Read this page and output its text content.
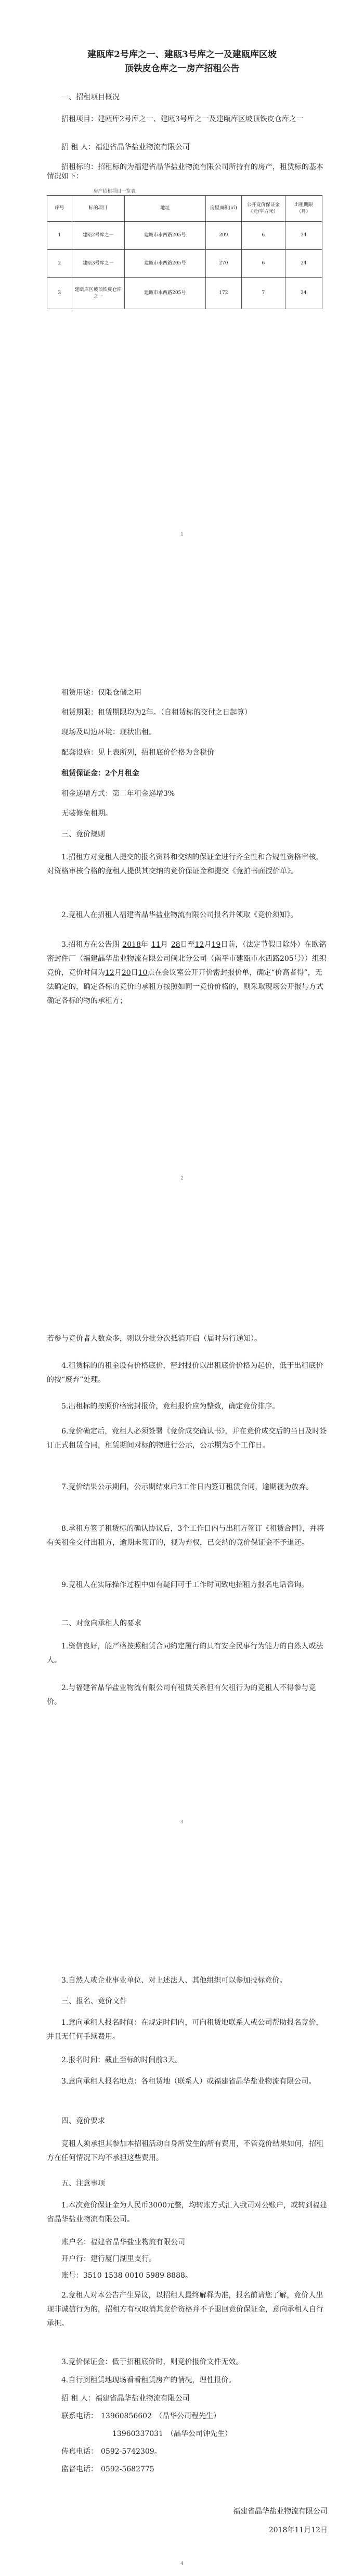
建瓯库2号库之一、建瓯3号库之一及建瓯库区坡

顶铁皮仓库之一房产招租公告

一、招租项目概况

招租项目：建瓯库2号库之一、建瓯3号库之一及建瓯库区坡顶铁皮仓库之一

招 租 人：福建省晶华盐业物流有限公司

招租标的：招租标的为福建省晶华盐业物流有限公司所持有的房产，租赁标的基本情况如下：

房产招租项目一览表
序号	标的项目	地址	房屋面积(㎡)	公开竞价保证金（元/平方米）	出租期限
（月）
1	建瓯2号库之一	建瓯市水西路205号	209	6	24
2	建瓯3号库之一	建瓯市水西路205号	270	6	24
3	建瓯库区坡顶铁皮仓库之一	建瓯市水西路205号	172	7	24
1

租赁用途：仅限仓储之用

租赁期限：租赁期限均为2年。（自租赁标的交付之日起算）

现场及周边环境：现状出租。

配套设施：见上表所列，招租底价价格为含税价

租赁保证金：2个月租金

租金递增方式：第二年租金递增3%

无装修免租期。

三、竞价规则

1.招租方对竞租人提交的报名资料和交纳的保证金进行齐全性和合规性资格审核，对资格审核合格的竞租人提供其交纳的竞价保证金和提交《竞拍书面授价单》。

2.竞租人在招租人福建省晶华盐业物流有限公司报名并领取《竞价须知》。

3.招租方在公告期 2018年 11月 28日至12月19日前，（法定节假日除外）在欧铭密封件厂（福建晶华盐业物流有限公司闽北分公司（南平市建瓯市水西路205号））组织竞价，竞价时间为12月20日10点在会议室公开开价密封报价单，确定“价高者得”，无法确定的，确定各标的竞价的承租方按照如同一竞价价格的，则采取现场公开报号方式确定各标的物的承租方；

2

若参与竞价者人数众多，则以分批分次抵消开启（届时另行通知）。

4.租赁标的的租金设有价格底价，密封报价以出租底价价格为起价，低于出租底价的按“废弃”处理。

5.出租标的按照价格密封报价，竞租报价应为整数，确定竞价排序。

6.竞价确定后，竞租人必须签署《竞价成交确认书》，并在竞价成交后的当日及时签订正式租赁合同，租赁期间对标的物进行公示，公示期为5个工作日。

7.竞价结果公示期间，公示期结束后3工作日内签订租赁合同，逾期视为放弃。

8.承租方签了租赁标的确认协议后，3个工作日内与出租方签订《租赁合同》，并将有关租金交付出租方，逾期未签订的，视为弃权，已交纳的竞价保证金不予退还。

9.竞租人在实际操作过程中如有疑问可于工作时间致电招租方报名电话咨询。

二、对竞向承租人的要求

1.资信良好，能严格按照租赁合同约定履行的具有安全民事行为能力的自然人或法人。

2.与福建省晶华盐业物流有限公司有租赁关系但有欠租行为的竞租人不得参与竞价。

3

3.自然人或企业事业单位、对上述法人、其他组织可以参加投标竞价。

三、报名、竞价文件

1.意向承租人报名时间：在规定时间内，可向租赁地联系人或公司帮助报名竞价，并且无任何手续费用。

2.报名时间：截止至标的时间前3天。

3.意向承租人报名地点：各租赁地（联系人）或福建省晶华盐业物流有限公司。

四、竞价要求

竞租人须承担其参加本招租活动自身所发生的所有费用，不管竞价结果如何，招租方在任何情况下均不承担这些费用。

五、注意事项

1.本次竞价保证金为人民币3000元整，均转账方式汇入我司对公账户，或转到福建省晶华盐业物流有限公司。

账户名：福建省晶华盐业物流有限公司

开户行：建行厦门湖里支行。

账号：3510 1538 0010 5989 8888。

2.竞租人对本公告产生异议，以招租人最终解释为准，报名前请您了解，竞价人出现非诚信行为的，招租方有权取消其竞价资格并不予退回竞价保证金，意向承租人自行承担。

3.竞价保证金：低于招租底价时，则竞价报价文件无效。

4.自行到租赁地现场看看租赁房产的情况，理性报价。

招 租 人：福建省晶华盐业物流有限公司

联系电话： 13960856602 （晶华公司程先生）

13960337031 （晶华公司钟先生）

传真电话： 0592-5742309。

监督电话： 0592-5682775

福建省晶华盐业物流有限公司

2018年11月12日

4
